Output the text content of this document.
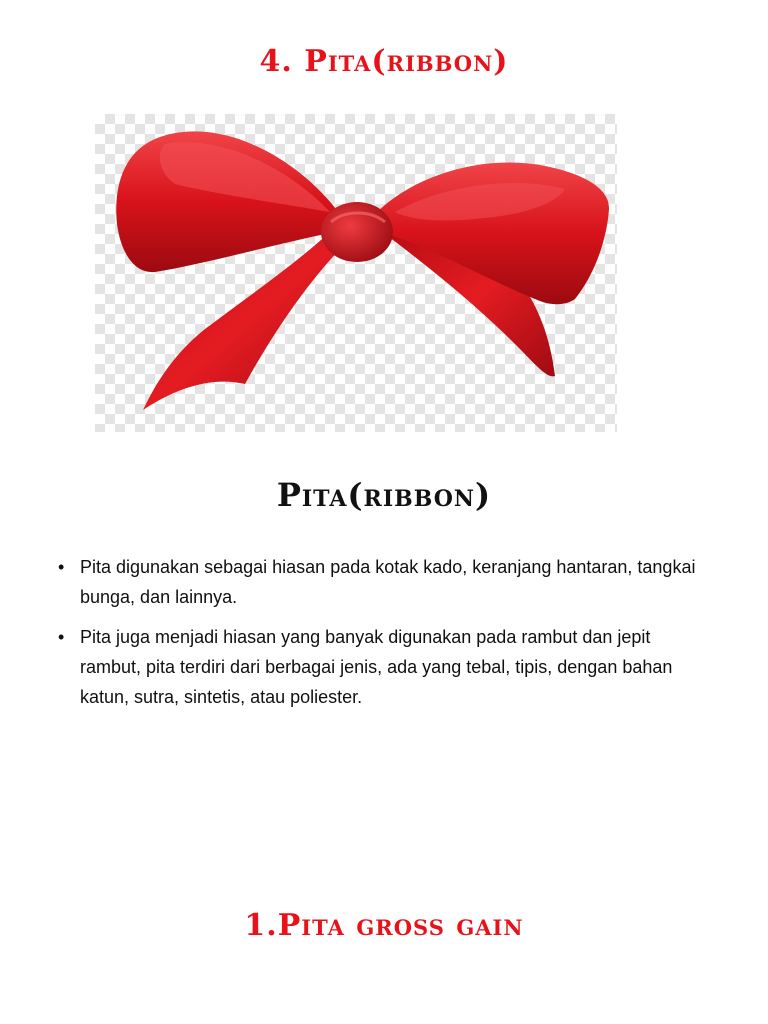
4. Pita(ribbon)
Pita(ribbon)
• Pita digunakan sebagai hiasan pada kotak kado, keranjang hantaran, tangkai bunga, dan lainnya.
• Pita juga menjadi hiasan yang banyak digunakan pada rambut dan jepit rambut, pita terdiri dari berbagai jenis, ada yang tebal, tipis, dengan bahan katun, sutra, sintetis, atau poliester.
1.Pita gross gain
